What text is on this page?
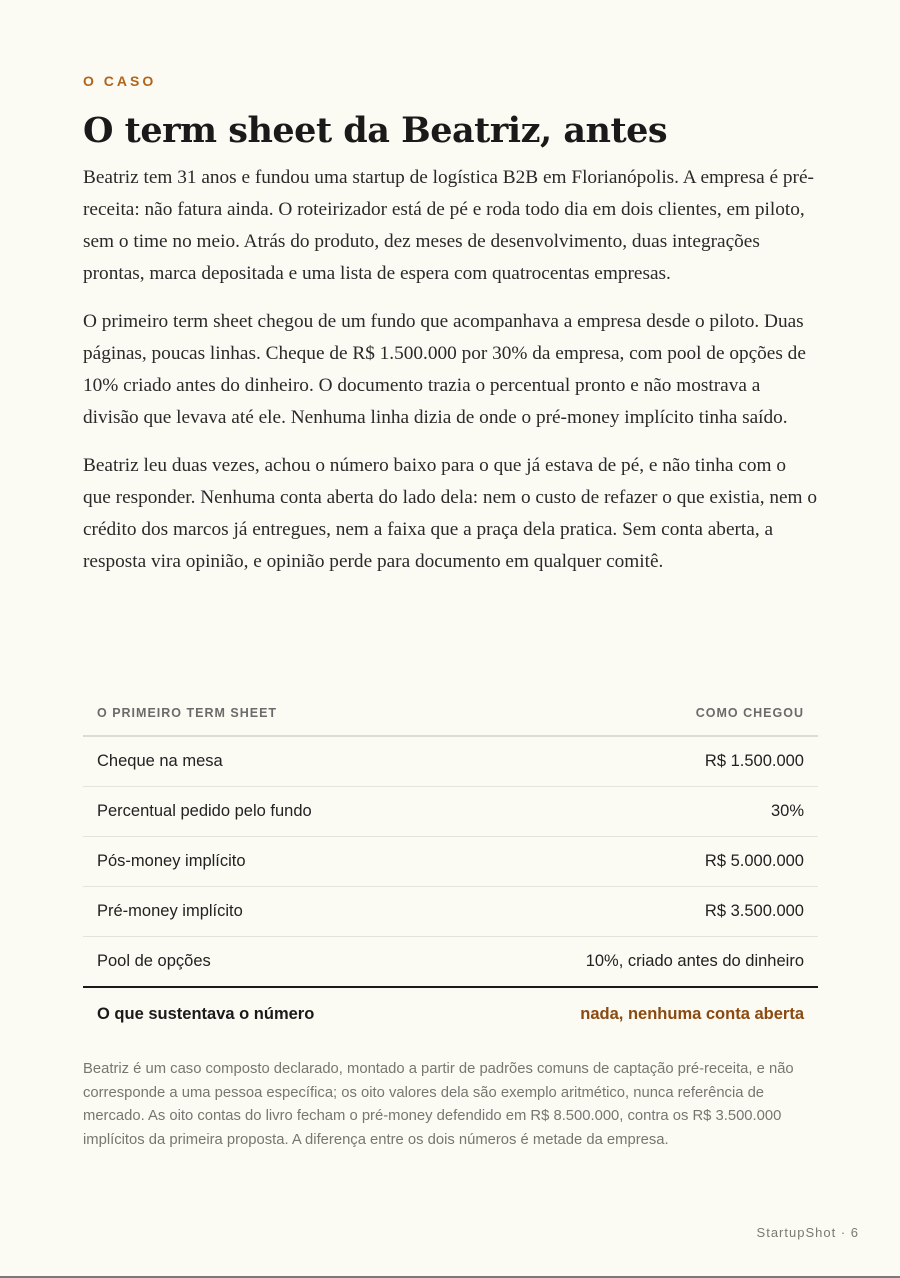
O CASO
O term sheet da Beatriz, antes

Beatriz tem 31 anos e fundou uma startup de logística B2B em Florianópolis. A empresa é pré-receita: não fatura ainda. O roteirizador está de pé e roda todo dia em dois clientes, em piloto, sem o time no meio. Atrás do produto, dez meses de desenvolvimento, duas integrações prontas, marca depositada e uma lista de espera com quatrocentas empresas.

O primeiro term sheet chegou de um fundo que acompanhava a empresa desde o piloto. Duas páginas, poucas linhas. Cheque de R$ 1.500.000 por 30% da empresa, com pool de opções de 10% criado antes do dinheiro. O documento trazia o percentual pronto e não mostrava a divisão que levava até ele. Nenhuma linha dizia de onde o pré-money implícito tinha saído.

Beatriz leu duas vezes, achou o número baixo para o que já estava de pé, e não tinha com o que responder. Nenhuma conta aberta do lado dela: nem o custo de refazer o que existia, nem o crédito dos marcos já entregues, nem a faixa que a praça dela pratica. Sem conta aberta, a resposta vira opinião, e opinião perde para documento em qualquer comitê.

O PRIMEIRO TERM SHEET	COMO CHEGOU
Cheque na mesa	R$ 1.500.000
Percentual pedido pelo fundo	30%
Pós-money implícito	R$ 5.000.000
Pré-money implícito	R$ 3.500.000
Pool de opções	10%, criado antes do dinheiro
O que sustentava o número	nada, nenhuma conta aberta

Beatriz é um caso composto declarado, montado a partir de padrões comuns de captação pré-receita, e não corresponde a uma pessoa específica; os oito valores dela são exemplo aritmético, nunca referência de mercado. As oito contas do livro fecham o pré-money defendido em R$ 8.500.000, contra os R$ 3.500.000 implícitos da primeira proposta. A diferença entre os dois números é metade da empresa.

StartupShot · 6
